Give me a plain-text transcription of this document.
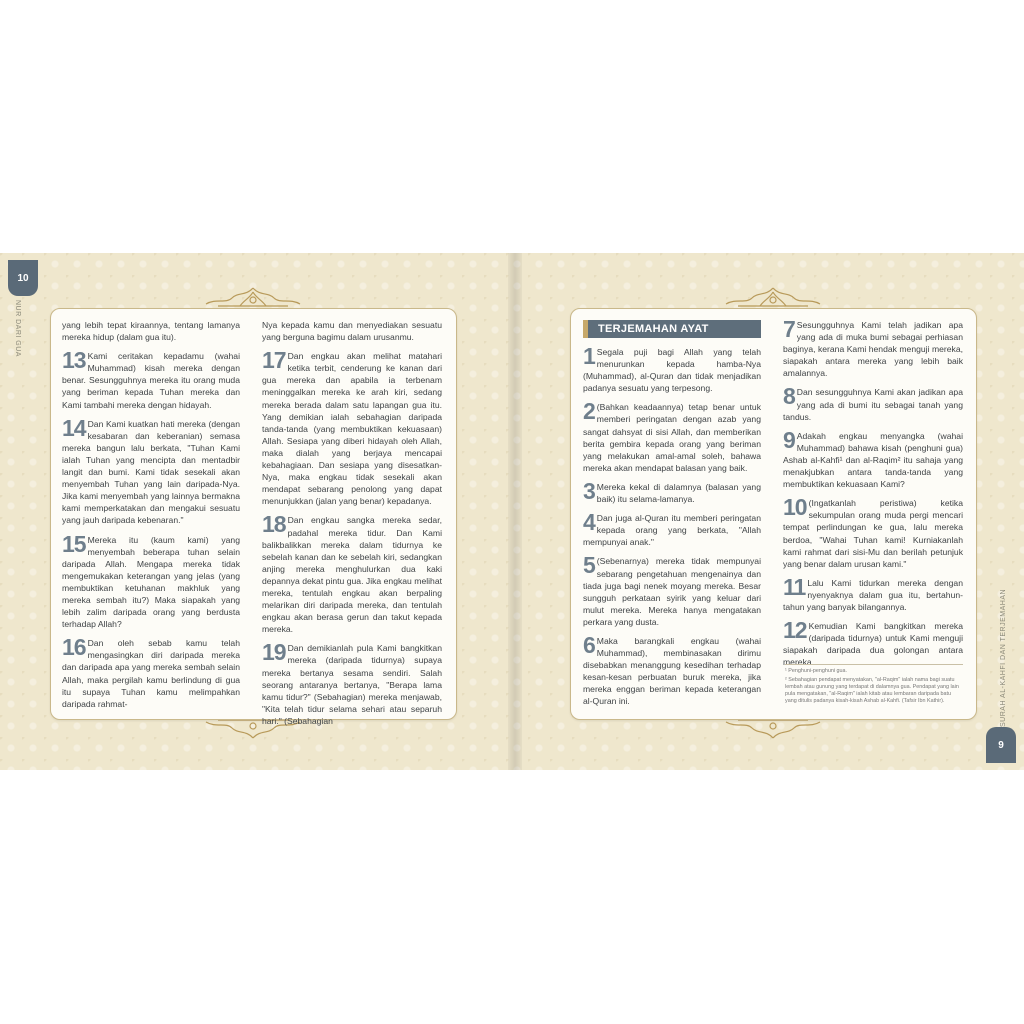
10
9
NUR DARI GUA
SURAH AL-KAHFI DAN TERJEMAHAN

yang lebih tepat kiraannya, tentang lamanya mereka hidup (dalam gua itu).

13 Kami ceritakan kepadamu (wahai Muhammad) kisah mereka dengan benar. Sesungguhnya mereka itu orang muda yang beriman kepada Tuhan mereka dan Kami tambahi mereka dengan hidayah.

14 Dan Kami kuatkan hati mereka (dengan kesabaran dan keberanian) semasa mereka bangun lalu berkata, "Tuhan Kami ialah Tuhan yang mencipta dan mentadbir langit dan bumi. Kami tidak sesekali akan menyembah Tuhan yang lain daripada-Nya. Jika kami menyembah yang lainnya bermakna kami memperkatakan dan mengakui sesuatu yang jauh daripada kebenaran."

15 Mereka itu (kaum kami) yang menyembah beberapa tuhan selain daripada Allah. Mengapa mereka tidak mengemukakan keterangan yang jelas (yang membuktikan ketuhanan makhluk yang mereka sembah itu?) Maka siapakah yang lebih zalim daripada orang yang berdusta terhadap Allah?

16 Dan oleh sebab kamu telah mengasingkan diri daripada mereka dan daripada apa yang mereka sembah selain Allah, maka pergilah kamu berlindung di gua itu supaya Tuhan kamu melimpahkan daripada rahmat-

Nya kepada kamu dan menyediakan sesuatu yang berguna bagimu dalam urusanmu.

17 Dan engkau akan melihat matahari ketika terbit, cenderung ke kanan dari gua mereka dan apabila ia terbenam meninggalkan mereka ke arah kiri, sedang mereka berada dalam satu lapangan gua itu. Yang demikian ialah sebahagian daripada tanda-tanda (yang membuktikan kekuasaan) Allah. Sesiapa yang diberi hidayah oleh Allah, maka dialah yang berjaya mencapai kebahagiaan. Dan sesiapa yang disesatkan-Nya, maka engkau tidak sesekali akan mendapat sebarang penolong yang dapat menunjukkan (jalan yang benar) kepadanya.

18 Dan engkau sangka mereka sedar, padahal mereka tidur. Dan Kami balikbalikkan mereka dalam tidurnya ke sebelah kanan dan ke sebelah kiri, sedangkan anjing mereka menghulurkan dua kaki depannya dekat pintu gua. Jika engkau melihat mereka, tentulah engkau akan berpaling melarikan diri daripada mereka, dan tentulah engkau akan berasa gerun dan takut kepada mereka.

19 Dan demikianlah pula Kami bangkitkan mereka (daripada tidurnya) supaya mereka bertanya sesama sendiri. Salah seorang antaranya bertanya, "Berapa lama kamu tidur?" (Sebahagian) mereka menjawab, "Kita telah tidur selama sehari atau separuh hari." (Sebahagian

TERJEMAHAN AYAT

1 Segala puji bagi Allah yang telah menurunkan kepada hamba-Nya (Muhammad), al-Quran dan tidak menjadikan padanya sesuatu yang terpesong.

2 (Bahkan keadaannya) tetap benar untuk memberi peringatan dengan azab yang sangat dahsyat di sisi Allah, dan memberikan berita gembira kepada orang yang beriman yang melakukan amal-amal soleh, bahawa mereka akan mendapat balasan yang baik.

3 Mereka kekal di dalamnya (balasan yang baik) itu selama-lamanya.

4 Dan juga al-Quran itu memberi peringatan kepada orang yang berkata, "Allah mempunyai anak."

5 (Sebenarnya) mereka tidak mempunyai sebarang pengetahuan mengenainya dan tiada juga bagi nenek moyang mereka. Besar sungguh perkataan syirik yang keluar dari mulut mereka. Mereka hanya mengatakan perkara yang dusta.

6 Maka barangkali engkau (wahai Muhammad), membinasakan dirimu disebabkan menanggung kesedihan terhadap kesan-kesan perbuatan buruk mereka, jika mereka enggan beriman kepada keterangan al-Quran ini.

7 Sesungguhnya Kami telah jadikan apa yang ada di muka bumi sebagai perhiasan baginya, kerana Kami hendak menguji mereka, siapakah antara mereka yang lebih baik amalannya.

8 Dan sesungguhnya Kami akan jadikan apa yang ada di bumi itu sebagai tanah yang tandus.

9 Adakah engkau menyangka (wahai Muhammad) bahawa kisah (penghuni gua) Ashab al-Kahfi¹ dan al-Raqim² itu sahaja yang menakjubkan antara tanda-tanda yang membuktikan kekuasaan Kami?

10 (Ingatkanlah peristiwa) ketika sekumpulan orang muda pergi mencari tempat perlindungan ke gua, lalu mereka berdoa, "Wahai Tuhan kami! Kurniakanlah kami rahmat dari sisi-Mu dan berilah petunjuk yang benar dalam urusan kami."

11 Lalu Kami tidurkan mereka dengan nyenyaknya dalam gua itu, bertahun-tahun yang banyak bilangannya.

12 Kemudian Kami bangkitkan mereka (daripada tidurnya) untuk Kami menguji siapakah daripada dua golongan antara mereka

¹ Penghuni-penghuni gua.
² Sebahagian pendapat menyatakan, "al-Raqim" ialah nama bagi suatu lembah atau gunung yang terdapat di dalamnya gua. Pendapat yang lain pula mengatakan, "al-Raqim" ialah kitab atau lembaran daripada batu yang ditulis padanya kisah-kisah Ashab al-Kahfi. (Tafsir Ibn Kathir).
